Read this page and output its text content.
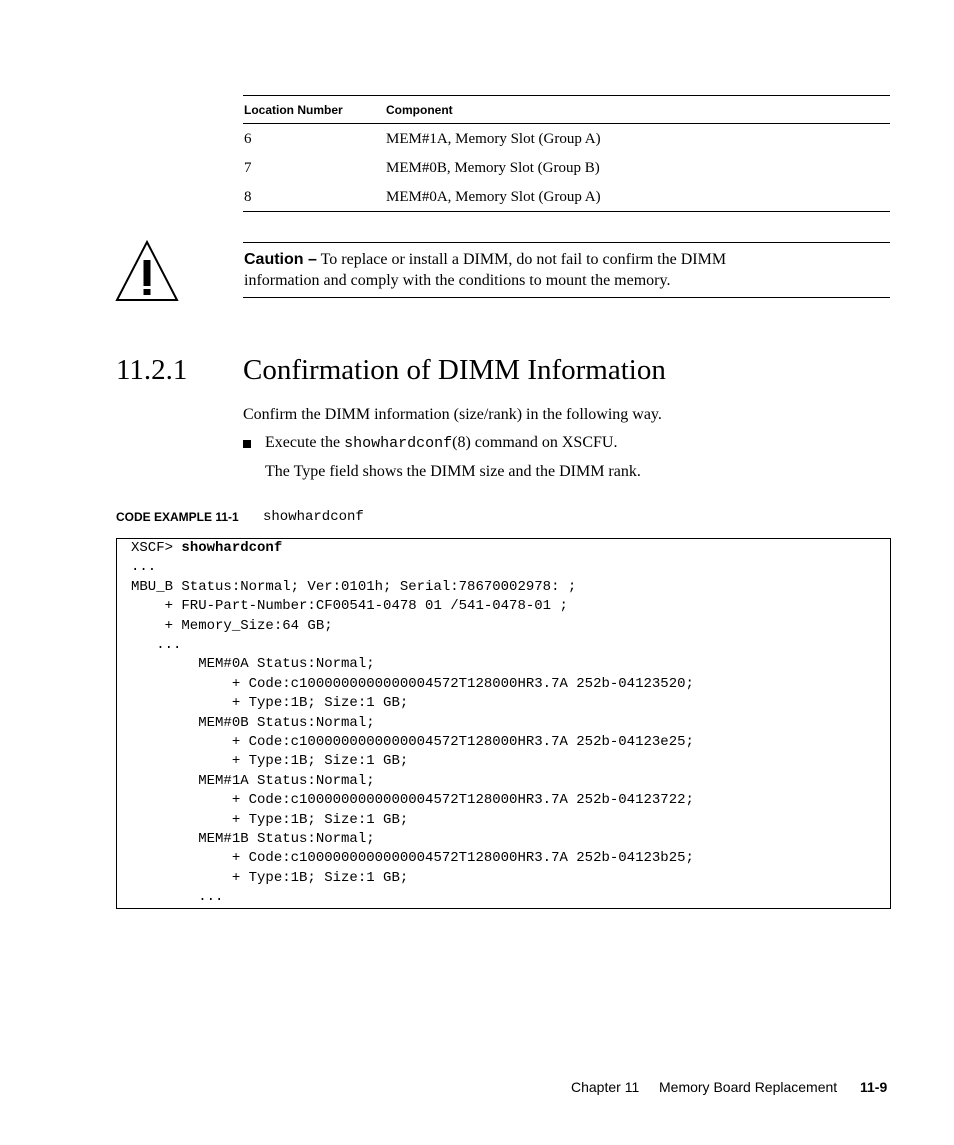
Location Number	Component
6	MEM#1A, Memory Slot (Group A)
7	MEM#0B, Memory Slot (Group B)
8	MEM#0A, Memory Slot (Group A)
Caution – To replace or install a DIMM, do not fail to confirm the DIMM
information and comply with the conditions to mount the memory.
11.2.1 Confirmation of DIMM Information
Confirm the DIMM information (size/rank) in the following way.
Execute the showhardconf(8) command on XSCFU.
The Type field shows the DIMM size and the DIMM rank.
CODE EXAMPLE 11-1 showhardconf
XSCF> showhardconf
...
MBU_B Status:Normal; Ver:0101h; Serial:78670002978: ;
+ FRU-Part-Number:CF00541-0478 01 /541-0478-01 ;
+ Memory_Size:64 GB;
...
MEM#0A Status:Normal;
+ Code:c1000000000000004572T128000HR3.7A 252b-04123520;
+ Type:1B; Size:1 GB;
MEM#0B Status:Normal;
+ Code:c1000000000000004572T128000HR3.7A 252b-04123e25;
+ Type:1B; Size:1 GB;
MEM#1A Status:Normal;
+ Code:c1000000000000004572T128000HR3.7A 252b-04123722;
+ Type:1B; Size:1 GB;
MEM#1B Status:Normal;
+ Code:c1000000000000004572T128000HR3.7A 252b-04123b25;
+ Type:1B; Size:1 GB;
...
Chapter 11 Memory Board Replacement 11-9
